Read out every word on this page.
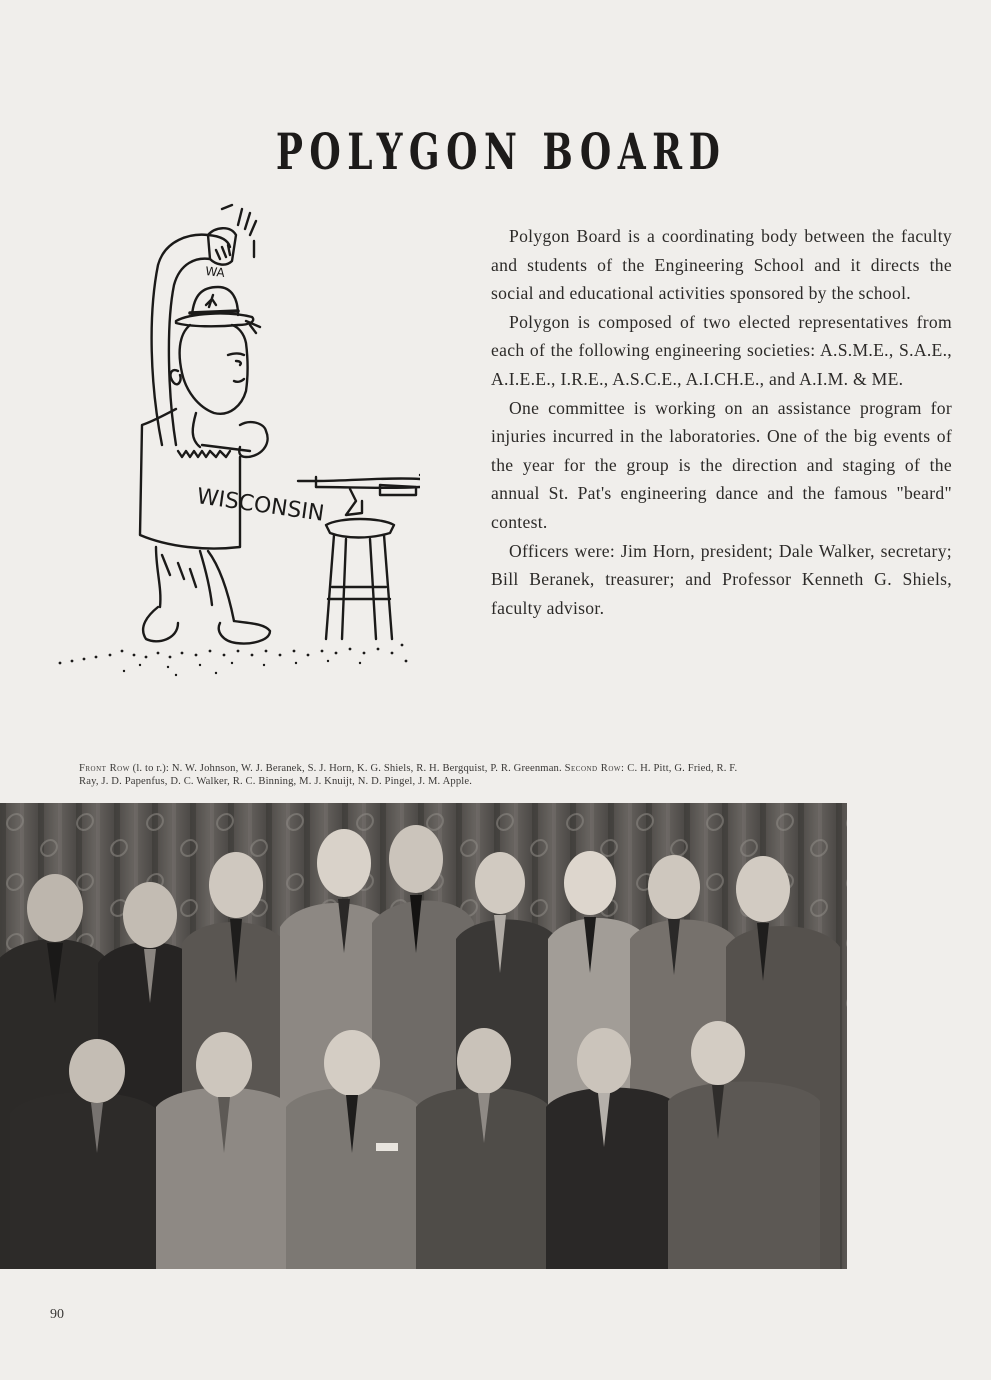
POLYGON BOARD
WISCONSIN
WA

Polygon Board is a coordinating body between the faculty and students of the Engineering School and it directs the social and educational activities sponsored by the school.

Polygon is composed of two elected representatives from each of the following engineering societies: A.S.M.E., S.A.E., A.I.E.E., I.R.E., A.S.C.E., A.I.CH.E., and A.I.M. & ME.

One committee is working on an assistance program for injuries incurred in the laboratories. One of the big events of the year for the group is the direction and staging of the annual St. Pat's engineering dance and the famous "beard" contest.

Officers were: Jim Horn, president; Dale Walker, secretary; Bill Beranek, treasurer; and Professor Kenneth G. Shiels, faculty advisor.

Front Row (l. to r.): N. W. Johnson, W. J. Beranek, S. J. Horn, K. G. Shiels, R. H. Bergquist, P. R. Greenman. Second Row: C. H. Pitt, G. Fried, R. F. Ray, J. D. Papenfus, D. C. Walker, R. C. Binning, M. J. Knuijt, N. D. Pingel, J. M. Apple.
90
